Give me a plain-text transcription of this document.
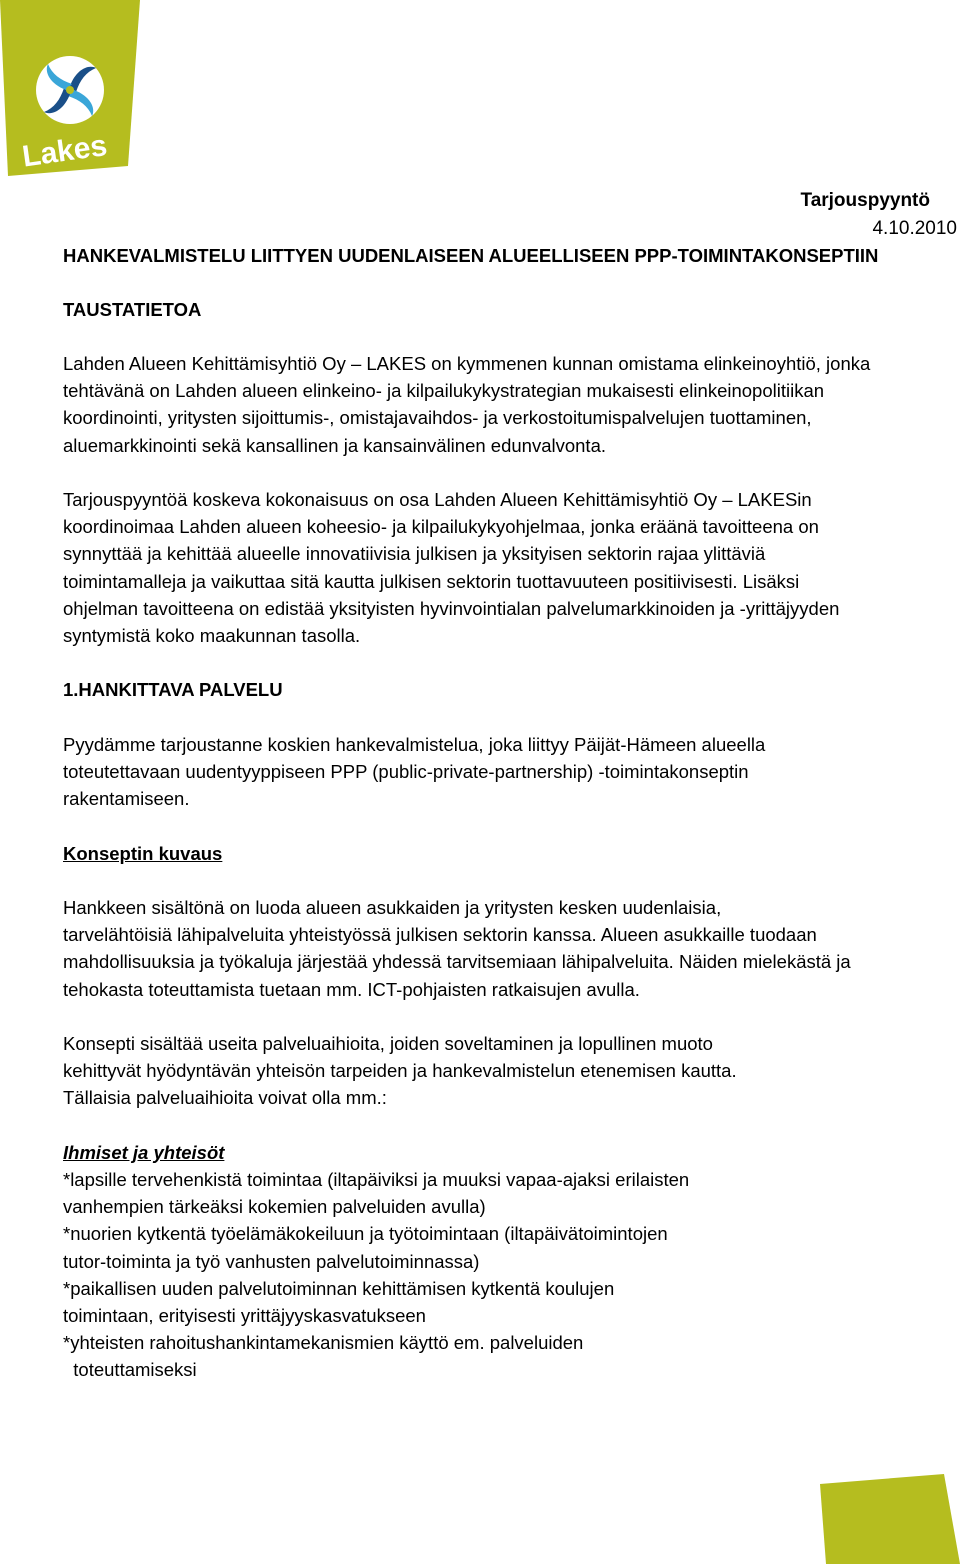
Lakes
Tarjouspyyntö
4.10.2010
HANKEVALMISTELU LIITTYEN UUDENLAISEEN ALUEELLISEEN PPP-TOIMINTAKONSEPTIIN
TAUSTATIETOA
Lahden Alueen Kehittämisyhtiö Oy – LAKES on kymmenen kunnan omistama elinkeinoyhtiö, jonka
tehtävänä on Lahden alueen elinkeino- ja kilpailukykystrategian mukaisesti elinkeinopolitiikan
koordinointi, yritysten sijoittumis-, omistajavaihdos- ja verkostoitumispalvelujen tuottaminen,
aluemarkkinointi sekä kansallinen ja kansainvälinen edunvalvonta.
Tarjouspyyntöä koskeva kokonaisuus on osa Lahden Alueen Kehittämisyhtiö Oy – LAKESin
koordinoimaa Lahden alueen koheesio- ja kilpailukykyohjelmaa, jonka eräänä tavoitteena on
synnyttää ja kehittää alueelle innovatiivisia julkisen ja yksityisen sektorin rajaa ylittäviä
toimintamalleja ja vaikuttaa sitä kautta julkisen sektorin tuottavuuteen positiivisesti. Lisäksi
ohjelman tavoitteena on edistää yksityisten hyvinvointialan palvelumarkkinoiden ja -yrittäjyyden
syntymistä koko maakunnan tasolla.
1.HANKITTAVA PALVELU
Pyydämme tarjoustanne koskien hankevalmistelua, joka liittyy Päijät-Hämeen alueella
toteutettavaan uudentyyppiseen PPP (public-private-partnership) -toimintakonseptin
rakentamiseen.
Konseptin kuvaus
Hankkeen sisältönä on luoda alueen asukkaiden ja yritysten kesken uudenlaisia,
tarvelähtöisiä lähipalveluita yhteistyössä julkisen sektorin kanssa. Alueen asukkaille tuodaan
mahdollisuuksia ja työkaluja järjestää yhdessä tarvitsemiaan lähipalveluita. Näiden mielekästä ja
tehokasta toteuttamista tuetaan mm. ICT-pohjaisten ratkaisujen avulla.
Konsepti sisältää useita palveluaihioita, joiden soveltaminen ja lopullinen muoto
kehittyvät hyödyntävän yhteisön tarpeiden ja hankevalmistelun etenemisen kautta.
Tällaisia palveluaihioita voivat olla mm.:
Ihmiset ja yhteisöt
*lapsille tervehenkistä toimintaa (iltapäiviksi ja muuksi vapaa-ajaksi erilaisten
vanhempien tärkeäksi kokemien palveluiden avulla)
*nuorien kytkentä työelämäkokeiluun ja työtoimintaan (iltapäivätoimintojen
tutor-toiminta ja työ vanhusten palvelutoiminnassa)
*paikallisen uuden palvelutoiminnan kehittämisen kytkentä koulujen
toimintaan, erityisesti yrittäjyyskasvatukseen
*yhteisten rahoitushankintamekanismien käyttö em. palveluiden
toteuttamiseksi
